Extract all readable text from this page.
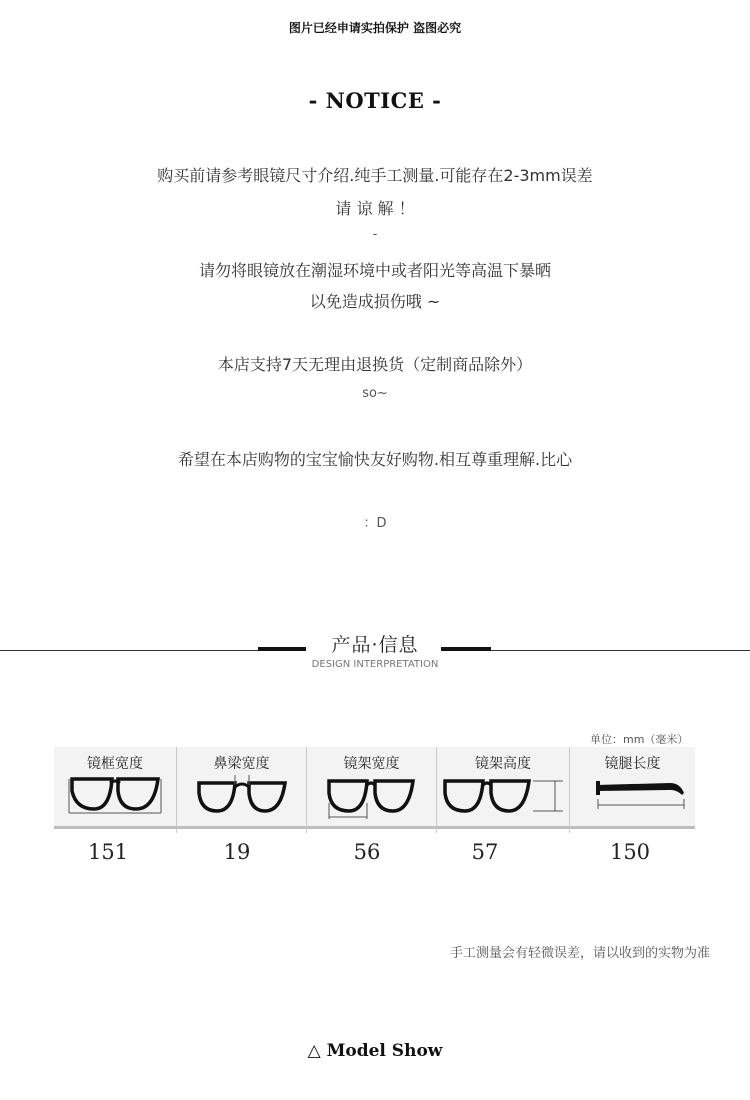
图片已经申请实拍保护 盗图必究
- NOTICE -
购买前请参考眼镜尺寸介绍.纯手工测量.可能存在2-3mm误差
请 谅 解 ！
-
请勿将眼镜放在潮湿环境中或者阳光等高温下暴晒
以免造成损伤哦 ~
本店支持7天无理由退换货（定制商品除外）
so~
希望在本店购物的宝宝愉快友好购物.相互尊重理解.比心
：D
产品·信息
DESIGN INTERPRETATION
单位：mm（毫米）
镜框宽度	鼻梁宽度	镜架宽度	镜架高度	镜腿长度
151	19	56	57	150
手工测量会有轻微误差，请以收到的实物为准
△ Model Show
